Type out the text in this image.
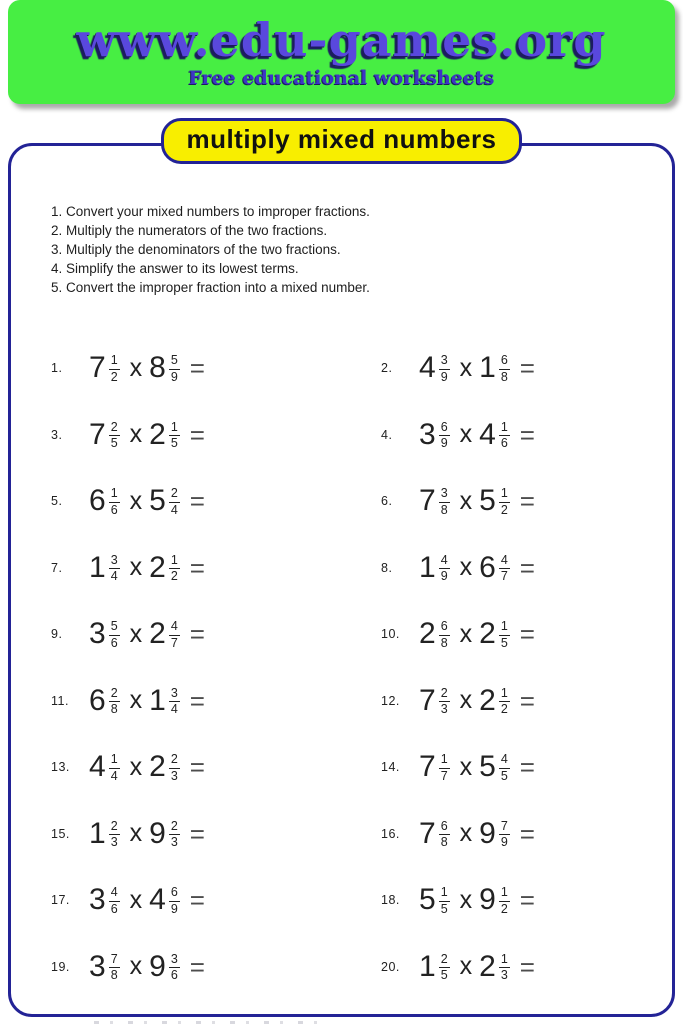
www.edu-games.org
Free educational worksheets
multiply mixed numbers
1. Convert your mixed numbers to improper fractions.
2. Multiply the numerators of the two fractions.
3. Multiply the denominators of the two fractions.
4. Simplify the answer to its lowest terms.
5. Convert the improper fraction into a mixed number.
1. $7 \frac{1}{2}$ x $8 \frac{5}{9}$ =	2. $4 \frac{3}{9}$ x $1 \frac{6}{8}$ =
3. $7 \frac{2}{5}$ x $2 \frac{1}{5}$ =	4. $3 \frac{6}{9}$ x $4 \frac{1}{6}$ =
5. $6 \frac{1}{6}$ x $5 \frac{2}{4}$ =	6. $7 \frac{3}{8}$ x $5 \frac{1}{2}$ =
7. $1 \frac{3}{4}$ x $2 \frac{1}{2}$ =	8. $1 \frac{4}{9}$ x $6 \frac{4}{7}$ =
9. $3 \frac{5}{6}$ x $2 \frac{4}{7}$ =	10. $2 \frac{6}{8}$ x $2 \frac{1}{5}$ =
11. $6 \frac{2}{8}$ x $1 \frac{3}{4}$ =	12. $7 \frac{2}{3}$ x $2 \frac{1}{2}$ =
13. $4 \frac{1}{4}$ x $2 \frac{2}{3}$ =	14. $7 \frac{1}{7}$ x $5 \frac{4}{5}$ =
15. $1 \frac{2}{3}$ x $9 \frac{2}{3}$ =	16. $7 \frac{6}{8}$ x $9 \frac{7}{9}$ =
17. $3 \frac{4}{6}$ x $4 \frac{6}{9}$ =	18. $5 \frac{1}{5}$ x $9 \frac{1}{2}$ =
19. $3 \frac{7}{8}$ x $9 \frac{3}{6}$ =	20. $1 \frac{2}{5}$ x $2 \frac{1}{3}$ =
